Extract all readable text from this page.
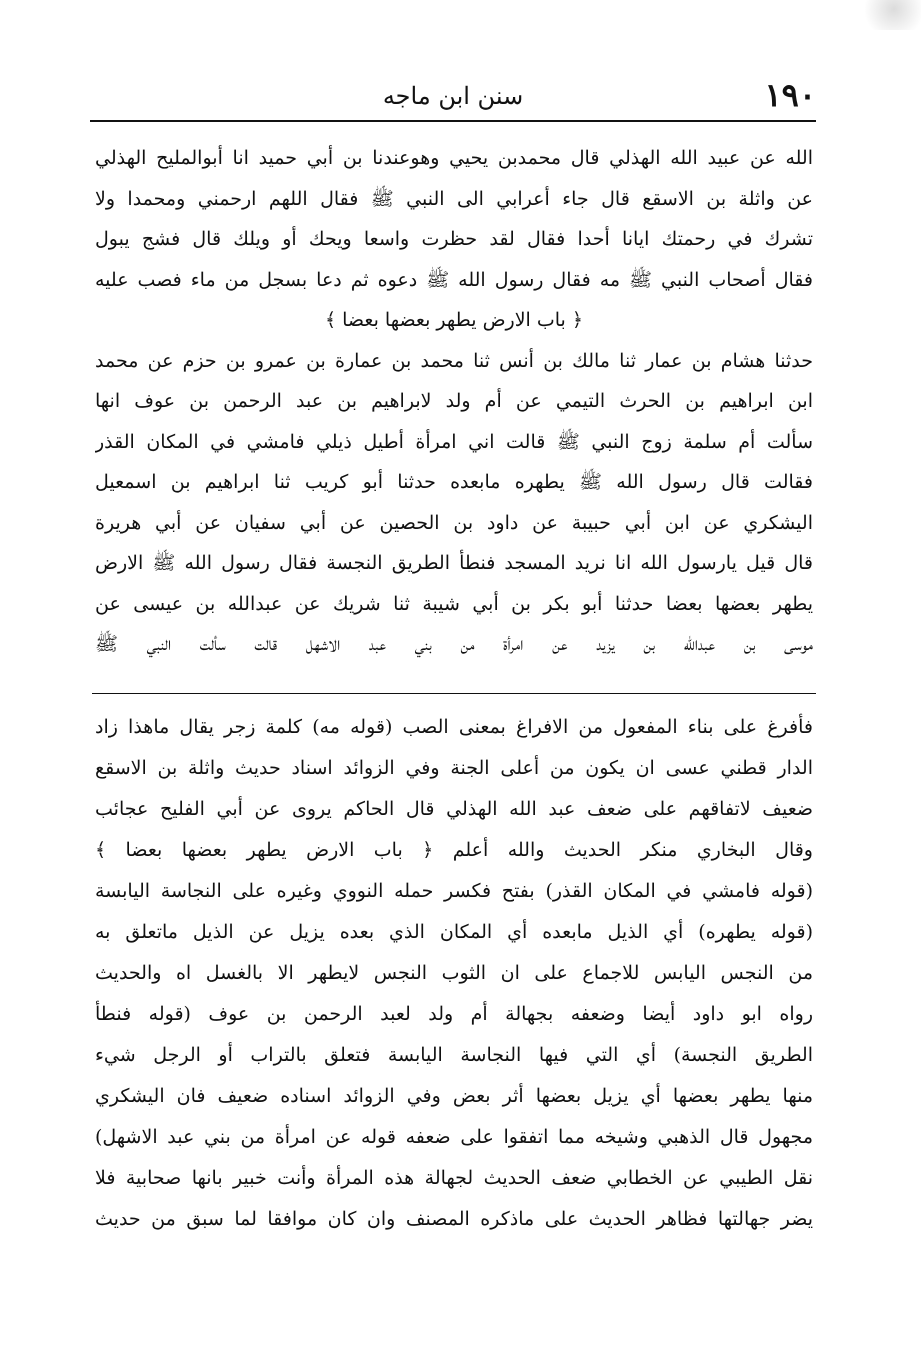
١٩٠
سنن ابن ماجه
الله عن عبيد الله الهذلي قال محمدبن يحيي وهوعندنا بن أبي حميد انا أبوالمليح الهذلي
عن واثلة بن الاسقع قال جاء أعرابي الى النبي ﷺ فقال اللهم ارحمني ومحمدا ولا
تشرك في رحمتك ايانا أحدا فقال لقد حظرت واسعا ويحك أو ويلك قال فشج يبول
فقال أصحاب النبي ﷺ مه فقال رسول الله ﷺ دعوه ثم دعا بسجل من ماء فصب عليه
﴿ باب الارض يطهر بعضها بعضا ﴾
حدثنا هشام بن عمار ثنا مالك بن أنس ثنا محمد بن عمارة بن عمرو بن حزم عن محمد
ابن ابراهيم بن الحرث التيمي عن أم ولد لابراهيم بن عبد الرحمن بن عوف انها
سألت أم سلمة زوج النبي ﷺ قالت اني امرأة أطيل ذيلي فامشي في المكان القذر
فقالت قال رسول الله ﷺ يطهره مابعده حدثنا أبو كريب ثنا ابراهيم بن اسمعيل
اليشكري عن ابن أبي حبيبة عن داود بن الحصين عن أبي سفيان عن أبي هريرة
قال قيل يارسول الله انا نريد المسجد فنطأ الطريق النجسة فقال رسول الله ﷺ الارض
يطهر بعضها بعضا حدثنا أبو بكر بن أبي شيبة ثنا شريك عن عبدالله بن عيسى عن
موسى بن عبدالله بن يزيد عن امرأة من بني عبد الاشهل قالت سألت النبي ﷺ
فأفرغ على بناء المفعول من الافراغ بمعنى الصب (قوله مه) كلمة زجر يقال ماهذا زاد
الدار قطني عسى ان يكون من أعلى الجنة وفي الزوائد اسناد حديث واثلة بن الاسقع
ضعيف لاتفاقهم على ضعف عبد الله الهذلي قال الحاكم يروى عن أبي الفليح عجائب
وقال البخاري منكر الحديث والله أعلم ﴿ باب الارض يطهر بعضها بعضا ﴾
(قوله فامشي في المكان القذر) بفتح فكسر حمله النووي وغيره على النجاسة اليابسة
(قوله يطهره) أي الذيل مابعده أي المكان الذي بعده يزيل عن الذيل ماتعلق به
من النجس اليابس للاجماع على ان الثوب النجس لايطهر الا بالغسل اه والحديث
رواه ابو داود أيضا وضعفه بجهالة أم ولد لعبد الرحمن بن عوف (قوله فنطأ
الطريق النجسة) أي التي فيها النجاسة اليابسة فتعلق بالتراب أو الرجل شيء
منها يطهر بعضها أي يزيل بعضها أثر بعض وفي الزوائد اسناده ضعيف فان اليشكري
مجهول قال الذهبي وشيخه مما اتفقوا على ضعفه قوله عن امرأة من بني عبد الاشهل)
نقل الطيبي عن الخطابي ضعف الحديث لجهالة هذه المرأة وأنت خبير بانها صحابية فلا
يضر جهالتها فظاهر الحديث على ماذكره المصنف وان كان موافقا لما سبق من حديث
